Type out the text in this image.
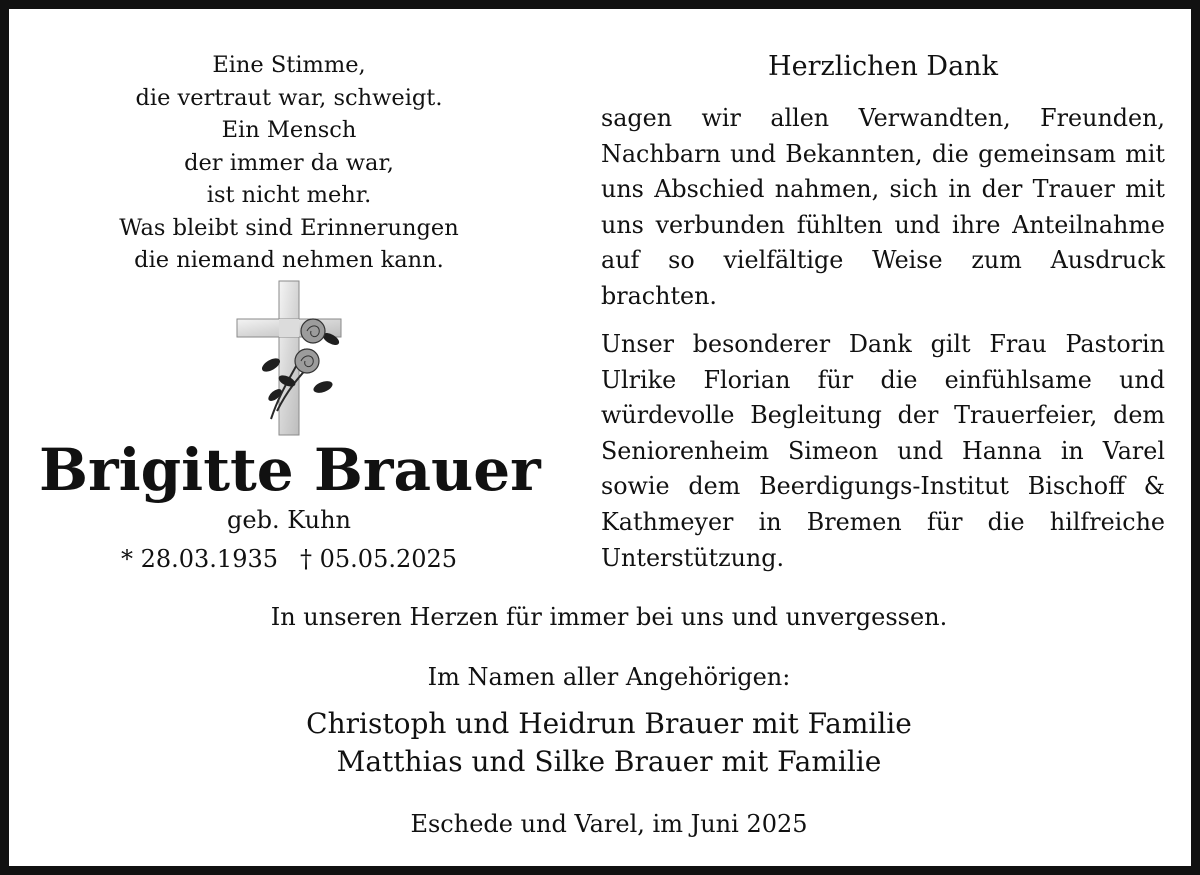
Eine Stimme,
die vertraut war, schweigt.
Ein Mensch
der immer da war,
ist nicht mehr.
Was bleibt sind Erinnerungen
die niemand nehmen kann.
Brigitte Brauer
geb. Kuhn
* 28.03.1935 † 05.05.2025
Herzlichen Dank

sagen wir allen Verwandten, Freunden, Nachbarn und Bekannten, die gemeinsam mit uns Abschied nahmen, sich in der Trauer mit uns verbunden fühlten und ihre Anteilnahme auf so vielfältige Weise zum Ausdruck brachten.

Unser besonderer Dank gilt Frau Pastorin Ulrike Florian für die einfühlsame und würdevolle Begleitung der Trauerfeier, dem Seniorenheim Simeon und Hanna in Varel sowie dem Beerdigungs-Institut Bischoff & Kathmeyer in Bremen für die hilfreiche Unterstützung.

In unseren Herzen für immer bei uns und unvergessen.
Im Namen aller Angehörigen:
Christoph und Heidrun Brauer mit Familie
Matthias und Silke Brauer mit Familie
Eschede und Varel, im Juni 2025
